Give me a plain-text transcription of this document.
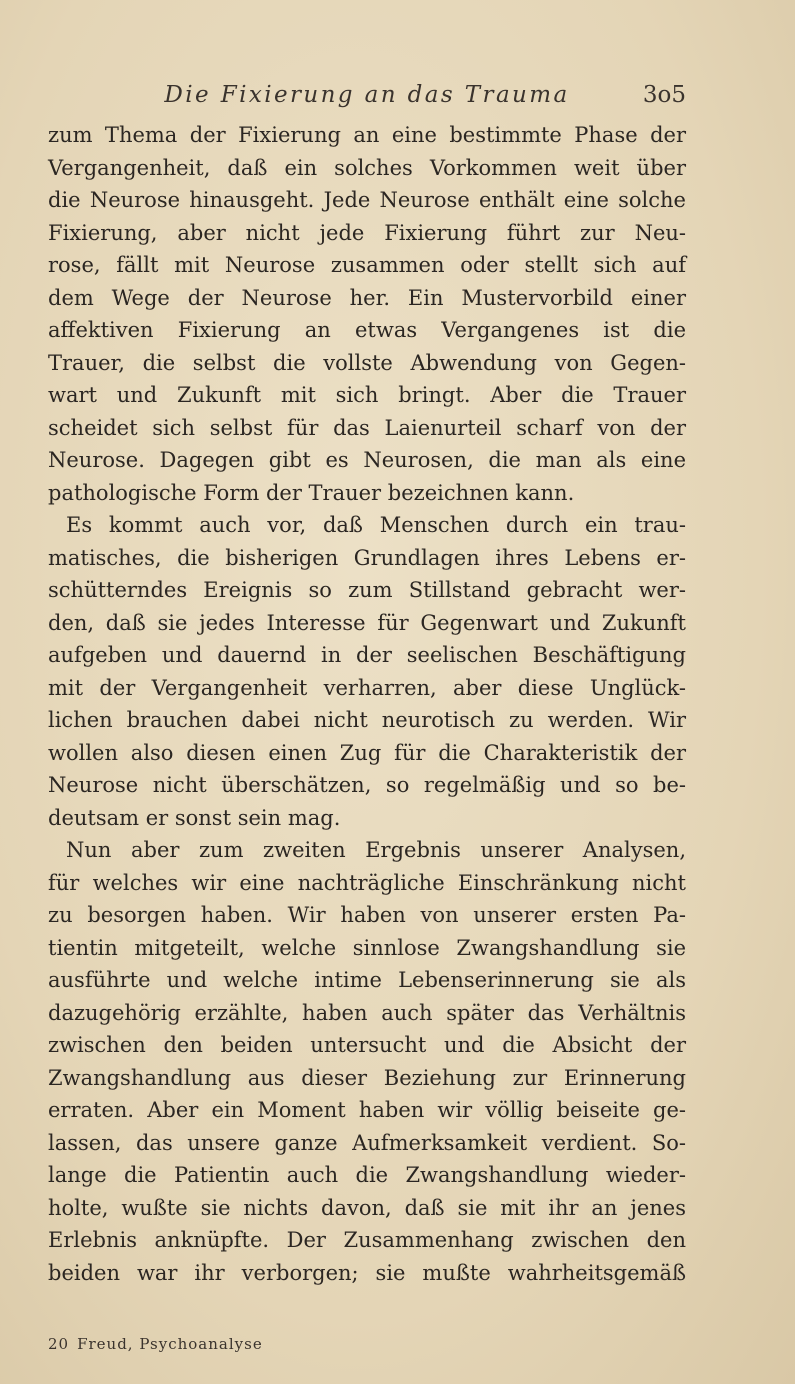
Die Fixierung an das Trauma	3o5
zum Thema der Fixierung an eine bestimmte Phase der
Vergangenheit, daß ein solches Vorkommen weit über
die Neurose hinausgeht. Jede Neurose enthält eine solche
Fixierung, aber nicht jede Fixierung führt zur Neu-
rose, fällt mit Neurose zusammen oder stellt sich auf
dem Wege der Neurose her. Ein Mustervorbild einer
affektiven Fixierung an etwas Vergangenes ist die
Trauer, die selbst die vollste Abwendung von Gegen-
wart und Zukunft mit sich bringt. Aber die Trauer
scheidet sich selbst für das Laienurteil scharf von der
Neurose. Dagegen gibt es Neurosen, die man als eine
pathologische Form der Trauer bezeichnen kann.
Es kommt auch vor, daß Menschen durch ein trau-
matisches, die bisherigen Grundlagen ihres Lebens er-
schütterndes Ereignis so zum Stillstand gebracht wer-
den, daß sie jedes Interesse für Gegenwart und Zukunft
aufgeben und dauernd in der seelischen Beschäftigung
mit der Vergangenheit verharren, aber diese Unglück-
lichen brauchen dabei nicht neurotisch zu werden. Wir
wollen also diesen einen Zug für die Charakteristik der
Neurose nicht überschätzen, so regelmäßig und so be-
deutsam er sonst sein mag.
Nun aber zum zweiten Ergebnis unserer Analysen,
für welches wir eine nachträgliche Einschränkung nicht
zu besorgen haben. Wir haben von unserer ersten Pa-
tientin mitgeteilt, welche sinnlose Zwangshandlung sie
ausführte und welche intime Lebenserinnerung sie als
dazugehörig erzählte, haben auch später das Verhältnis
zwischen den beiden untersucht und die Absicht der
Zwangshandlung aus dieser Beziehung zur Erinnerung
erraten. Aber ein Moment haben wir völlig beiseite ge-
lassen, das unsere ganze Aufmerksamkeit verdient. So-
lange die Patientin auch die Zwangshandlung wieder-
holte, wußte sie nichts davon, daß sie mit ihr an jenes
Erlebnis anknüpfte. Der Zusammenhang zwischen den
beiden war ihr verborgen; sie mußte wahrheitsgemäß
20 Freud, Psychoanalyse
